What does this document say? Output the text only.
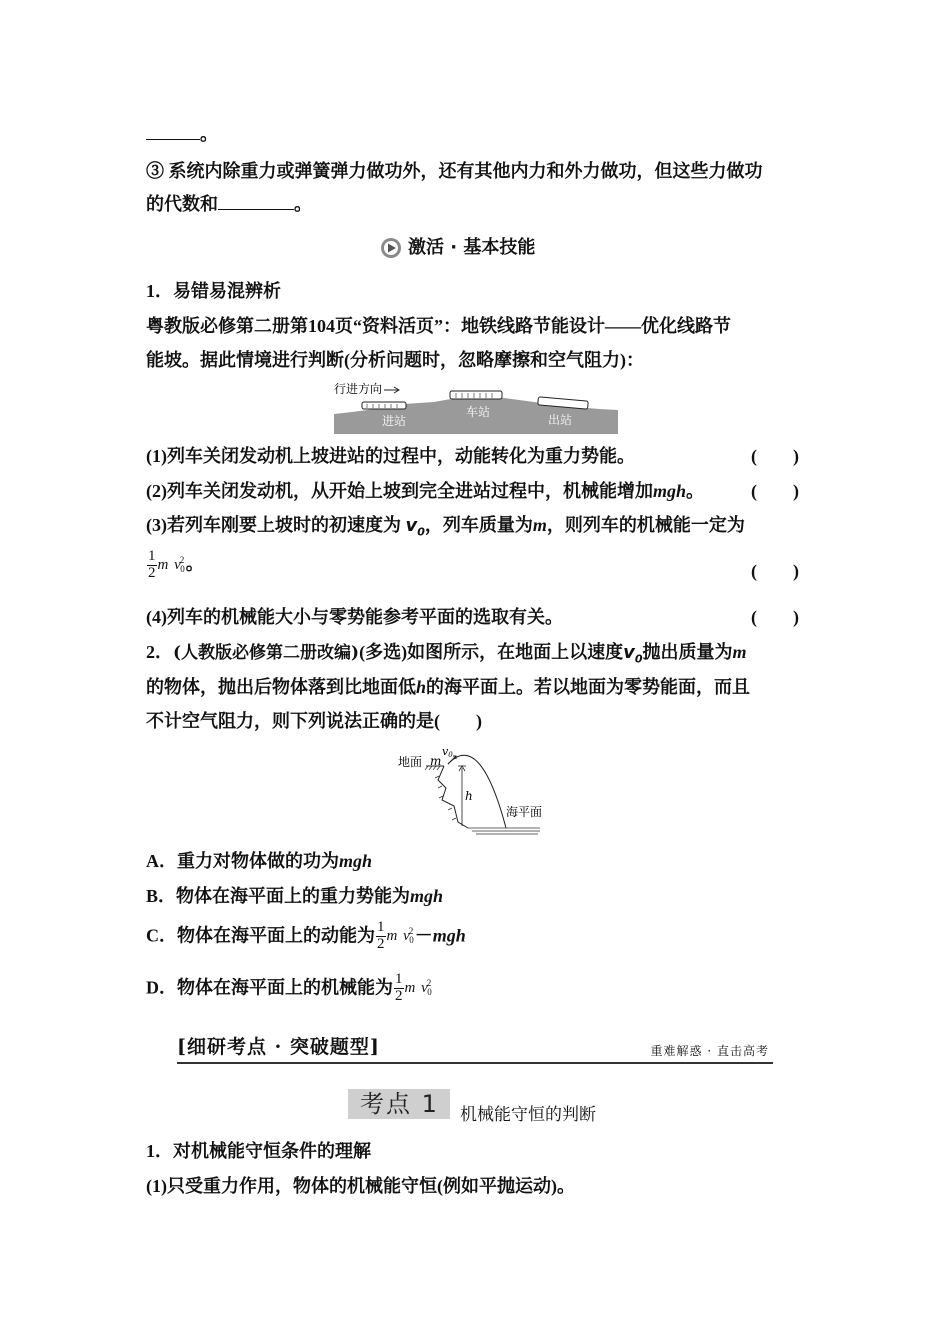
。
③ 系统内除重力或弹簧弹力做功外，还有其他内力和外力做功，但这些力做功
的代数和	。
激活 · 基本技能
1．易错易混辨析
粤教版必修第二册第104页“资料活页”：地铁线路节能设计——优化线路节
能坡。据此情境进行判断(分析问题时，忽略摩擦和空气阻力)：
行进方向
进站
车站
出站
(1)列车关闭发动机上坡进站的过程中，动能转化为重力势能。	(　　)
(2)列车关闭发动机，从开始上坡到完全进站过程中，机械能增加mgh。	(　　)
(3)若列车刚要上坡时的初速度为 $v_0$，列车质量为m，则列车的机械能一定为
$\frac{1}{2}$ m $v^2_0$。	(　　)
(4)列车的机械能大小与零势能参考平面的选取有关。	(　　)
2．(人教版必修第二册改编)(多选)如图所示，在地面上以速度$v_0$抛出质量为m
的物体，抛出后物体落到比地面低h的海平面上。若以地面为零势能面，而且
不计空气阻力，则下列说法正确的是(　　)
地面 m
v0
h
海平面
A．重力对物体做的功为mgh
B．物体在海平面上的重力势能为mgh
C．物体在海平面上的动能为 $\frac{1}{2}$ m $v^2_0-mgh$
D．物体在海平面上的机械能为 $\frac{1}{2}$ m $v^2_0$
[细研考点 · 突破题型]	重难解惑 · 直击高考
考点 1 机械能守恒的判断
1．对机械能守恒条件的理解
(1)只受重力作用，物体的机械能守恒(例如平抛运动)。
